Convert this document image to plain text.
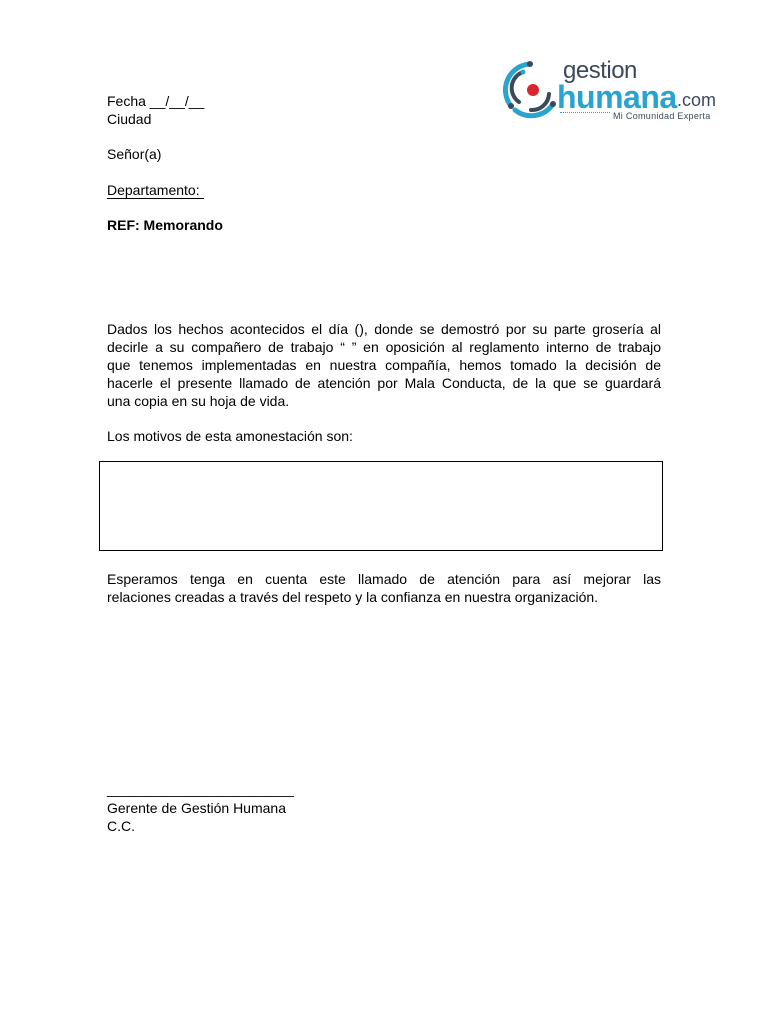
gestion
humana .com
Mi Comunidad Experta
Fecha __/__/__
Ciudad
Señor(a)
Departamento:
REF: Memorando
Dados los hechos acontecidos el día (), donde se demostró por su parte grosería al
decirle a su compañero de trabajo “ ” en oposición al reglamento interno de trabajo
que tenemos implementadas en nuestra compañía, hemos tomado la decisión de
hacerle el presente llamado de atención por Mala Conducta, de la que se guardará
una copia en su hoja de vida.
Los motivos de esta amonestación son:
Esperamos tenga en cuenta este llamado de atención para así mejorar las
relaciones creadas a través del respeto y la confianza en nuestra organización.
________________________
Gerente de Gestión Humana
C.C.
